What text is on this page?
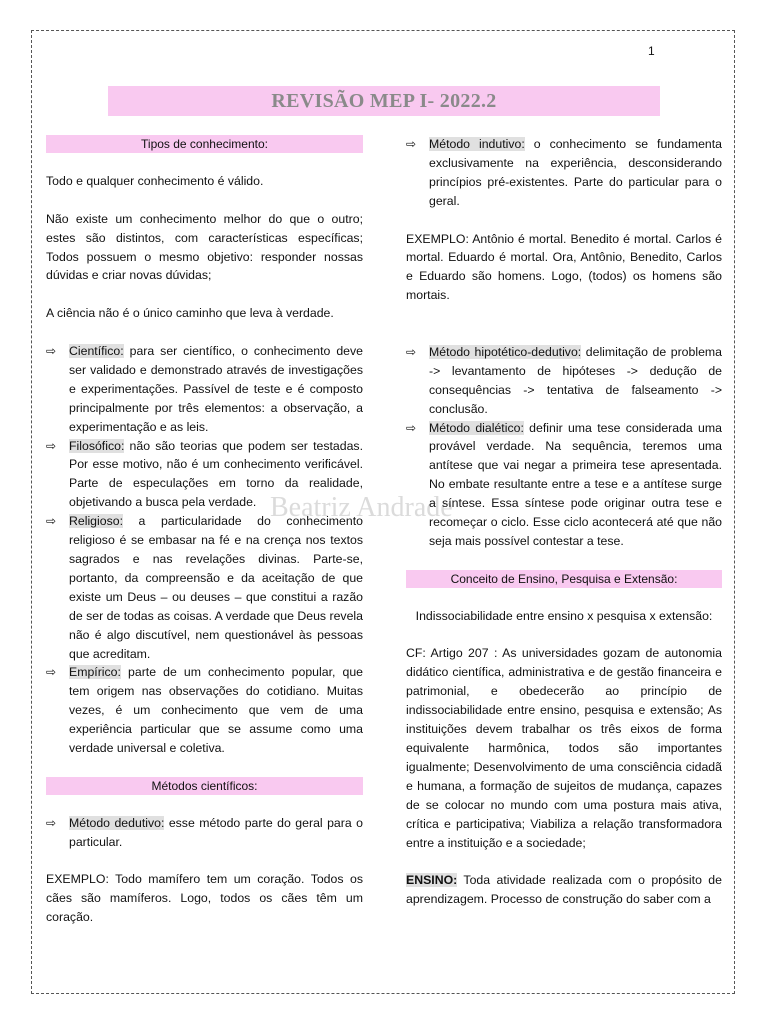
1
REVISÃO MEP I- 2022.2
Beatriz Andrade
Tipos de conhecimento:

Todo e qualquer conhecimento é válido.

Não existe um conhecimento melhor do que o outro; estes são distintos, com características específicas; Todos possuem o mesmo objetivo: responder nossas dúvidas e criar novas dúvidas;

A ciência não é o único caminho que leva à verdade.

⇨	Científico: para ser científico, o conhecimento deve ser validado e demonstrado através de investigações e experimentações. Passível de teste e é composto principalmente por três elementos: a observação, a experimentação e as leis.
⇨	Filosófico: não são teorias que podem ser testadas. Por esse motivo, não é um conhecimento verificável. Parte de especulações em torno da realidade, objetivando a busca pela verdade.
⇨	Religioso: a particularidade do conhecimento religioso é se embasar na fé e na crença nos textos sagrados e nas revelações divinas. Parte-se, portanto, da compreensão e da aceitação de que existe um Deus – ou deuses – que constitui a razão de ser de todas as coisas. A verdade que Deus revela não é algo discutível, nem questionável às pessoas que acreditam.
⇨	Empírico: parte de um conhecimento popular, que tem origem nas observações do cotidiano. Muitas vezes, é um conhecimento que vem de uma experiência particular que se assume como uma verdade universal e coletiva.
Métodos científicos:
⇨	Método dedutivo: esse método parte do geral para o particular.

EXEMPLO: Todo mamífero tem um coração. Todos os cães são mamíferos. Logo, todos os cães têm um coração.

⇨	Método indutivo: o conhecimento se fundamenta exclusivamente na experiência, desconsiderando princípios pré-existentes. Parte do particular para o geral.

EXEMPLO: Antônio é mortal. Benedito é mortal. Carlos é mortal. Eduardo é mortal. Ora, Antônio, Benedito, Carlos e Eduardo são homens. Logo, (todos) os homens são mortais.

⇨	Método hipotético-dedutivo: delimitação de problema -> levantamento de hipóteses -> dedução de consequências -> tentativa de falseamento -> conclusão.
⇨	Método dialético: definir uma tese considerada uma provável verdade. Na sequência, teremos uma antítese que vai negar a primeira tese apresentada. No embate resultante entre a tese e a antítese surge a síntese. Essa síntese pode originar outra tese e recomeçar o ciclo. Esse ciclo acontecerá até que não seja mais possível contestar a tese.
Conceito de Ensino, Pesquisa e Extensão:

Indissociabilidade entre ensino x pesquisa x extensão:

CF: Artigo 207 : As universidades gozam de autonomia didático científica, administrativa e de gestão financeira e patrimonial, e obedecerão ao princípio de indissociabilidade entre ensino, pesquisa e extensão; As instituições devem trabalhar os três eixos de forma equivalente harmônica, todos são importantes igualmente; Desenvolvimento de uma consciência cidadã e humana, a formação de sujeitos de mudança, capazes de se colocar no mundo com uma postura mais ativa, crítica e participativa; Viabiliza a relação transformadora entre a instituição e a sociedade;

ENSINO: Toda atividade realizada com o propósito de aprendizagem. Processo de construção do saber com a
